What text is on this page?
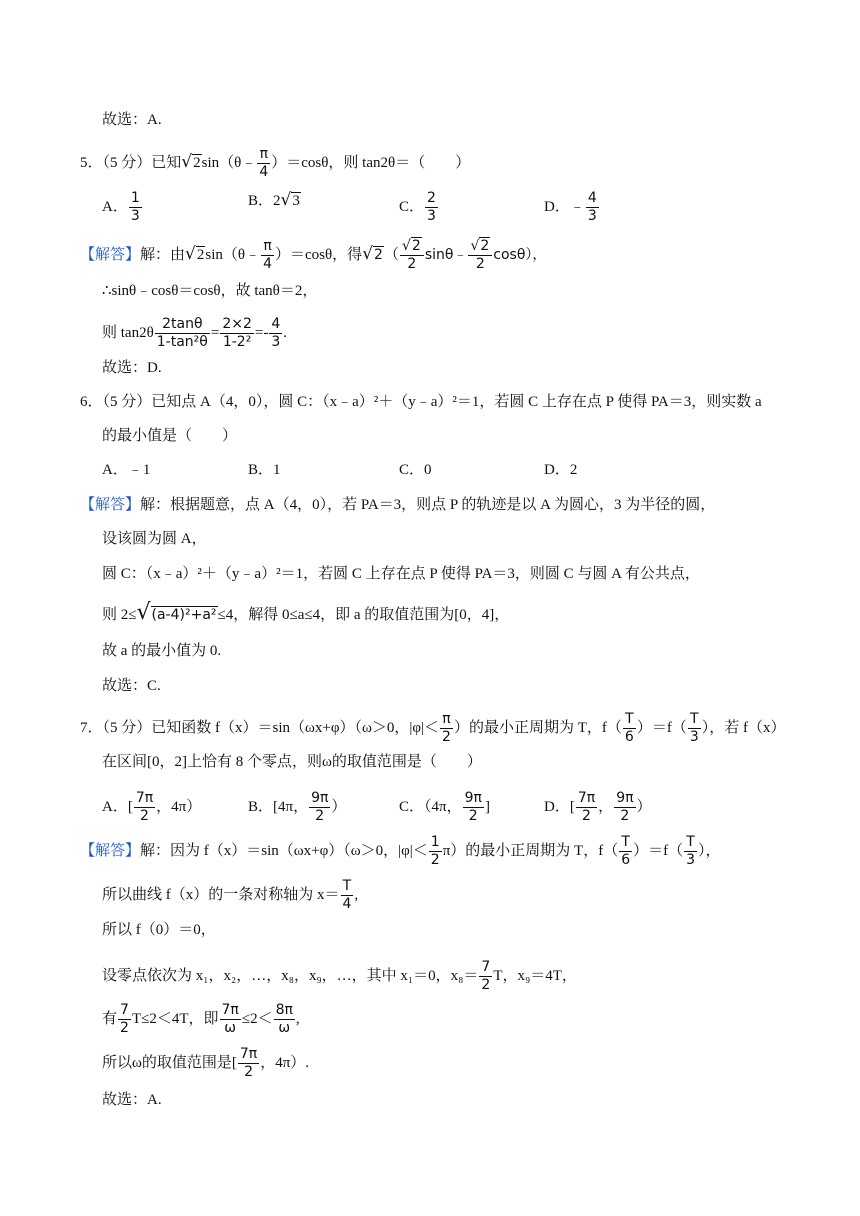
故选：A.
5．（5 分）已知√2sin（θ﹣ $\frac{\pi}{4} )=\cos\theta$，则 tan2θ＝（　　）
A． $\frac{1}{3}$	B．2√3	C． $\frac{2}{3}$	D．﹣ $\frac{4}{3}$
【解答】解：由√2sin（θ﹣ $\frac{\pi}{4} )=\cos\theta$，得$√2( \frac{√2}{2}$ sinθ﹣ $\frac{√2}{2} \cos\theta$），
∴sinθ﹣cosθ＝cosθ，故 tanθ＝2，
则 $\tan 2\theta \frac{2\tan\theta}{\text{1-tan²θ}} = \frac{2\times 2}{\text{1-2²}} =- \frac{4}{3}$ .
故选：D.
6．（5 分）已知点 A（4，0），圆 C：（x﹣a）²＋（y﹣a）²＝1，若圆 C 上存在点 P 使得 PA＝3，则实数 a
的最小值是（　　）
A．﹣1	B．1	C．0	D．2
【解答】解：根据题意，点 A（4，0），若 PA＝3，则点 P 的轨迹是以 A 为圆心，3 为半径的圆，
设该圆为圆 A，
圆 C：（x﹣a）²＋（y﹣a）²＝1，若圆 C 上存在点 P 使得 PA＝3，则圆 C 与圆 A 有公共点，
则 2≤√(a-4)²+a²≤4，解得 0≤a≤4，即 a 的取值范围为[0，4]，
故 a 的最小值为 0.
故选：C.
7．（5 分）已知函数 f（x）＝sin（ωx+φ）（ω＞0，$|\varphi|< \frac{\pi}{2}$ ）的最小正周期为 T，$f( \frac{T}{6} )=f( \frac{T}{3}$ ），若 f（x）
在区间[0，2]上恰有 8 个零点，则ω的取值范围是（　　）
A．[ $\frac{7\pi}{2}$ ，4π）	B．[4π， $\frac{9\pi}{2}$ ）	C．（4π， $\frac{9\pi}{2}$ ]	D．[ $\frac{7\pi}{2}$ ， $\frac{9\pi}{2}$ ）
【解答】解：因为 f（x）＝sin（ωx+φ）（ω＞0，$|\varphi|< \frac{1}{2} \pi$）的最小正周期为 T，$f( \frac{T}{6} )=f( \frac{T}{3}$ ），
所以曲线 f（x）的一条对称轴为 $x= \frac{T}{4}$ ,
所以 f（0）＝0，
设零点依次为 x₁，x₂，…，x₈，x₉，…，其中 x₁＝0，$x_8= \frac{7}{2}$ T，x₉＝4T，
有 $\frac{7}{2} T\le 2<4T$，即 $\frac{7\pi}{\omega} \le 2< \frac{8\pi}{\omega}$ ,
所以ω的取值范围是[ $\frac{7\pi}{2}$ ，4π）.
故选：A.
